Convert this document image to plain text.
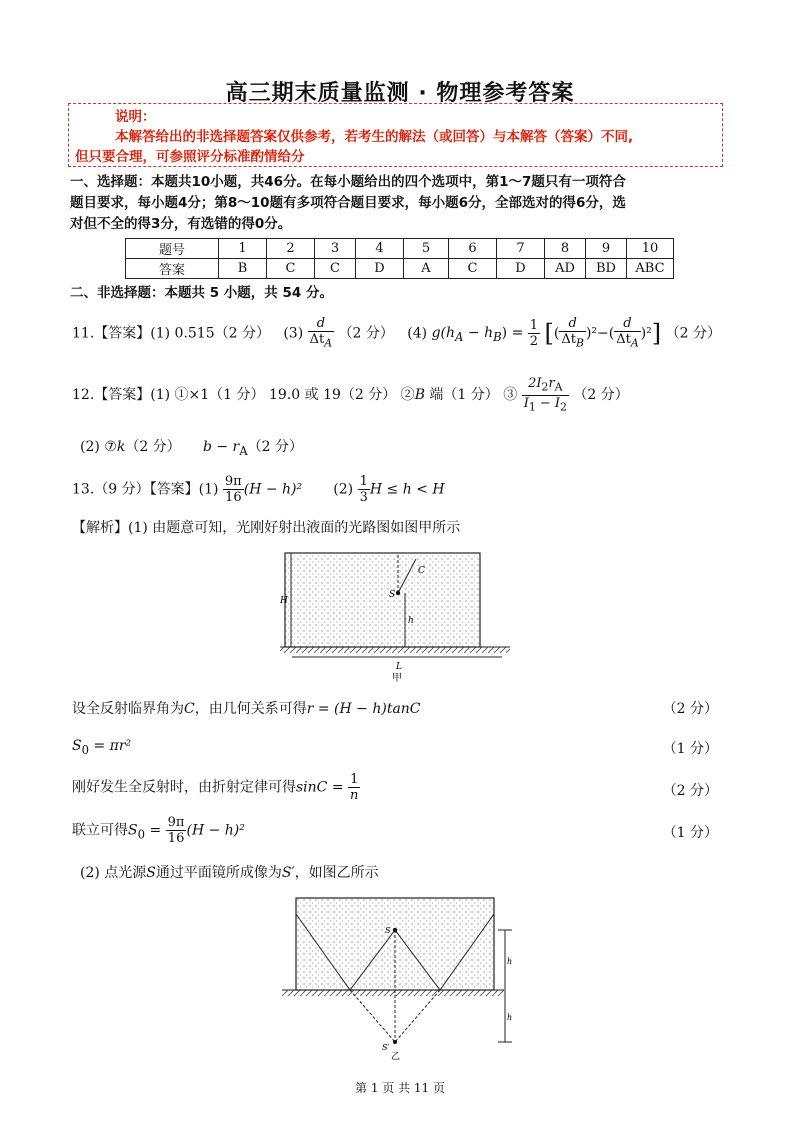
高三期末质量监测 · 物理参考答案
说明：
本解答给出的非选择题答案仅供参考，若考生的解法（或回答）与本解答（答案）不同,
但只要合理，可参照评分标准酌情给分
一、选择题：本题共10小题，共46分。在每小题给出的四个选项中，第1～7题只有一项符合
题目要求，每小题4分；第8～10题有多项符合题目要求，每小题6分，全部选对的得6分，选
对但不全的得3分，有选错的得0分。
题号	1	2	3	4	5	6	7	8	9	10
答案	B	C	C	D	A	C	D	AD	BD	ABC
二、非选择题：本题共 5 小题，共 54 分。
11.【答案】(1) 0.515（2 分） $(3) \frac{d}{\Delta t_A} (2$ 分） (4) $g(h_A - h_B) = \frac{1}{2}$ [( $\frac{d}{\Delta t_B} )^2-( \frac{d}{\Delta t_A} )^2$] （2 分）
12.【答案】(1) ①×1（1 分） 19.0 或 19（2 分） ②B 端（1 分） ③ $\frac{2I_2r_A}{I_1 - I_2} (2$ 分）
(2) ⑦k（2 分） $b - r_A(2$ 分）
13.（9 分）【答案】$(1) \frac{9\pi}{16} (H - h)^2$ $(2) \frac{1}{3}$ H ≤ h < H
【解析】(1) 由题意可知，光刚好射出液面的光路图如图甲所示
S
C
H
h
L
甲
设全反射临界角为C，由几何关系可得r = (H − h)tanC	（2 分）
$S_0 = \pi r^2$	（1 分）
刚好发生全反射时，由折射定律可得$\sin C = \frac{1}{n}$	（2 分）
联立可得$S_0 = \frac{9\pi}{16} (H - h)^2$	（1 分）
(2) 点光源S通过平面镜所成像为S′，如图乙所示
S
S′
h
h
乙
第 1 页 共 11 页
